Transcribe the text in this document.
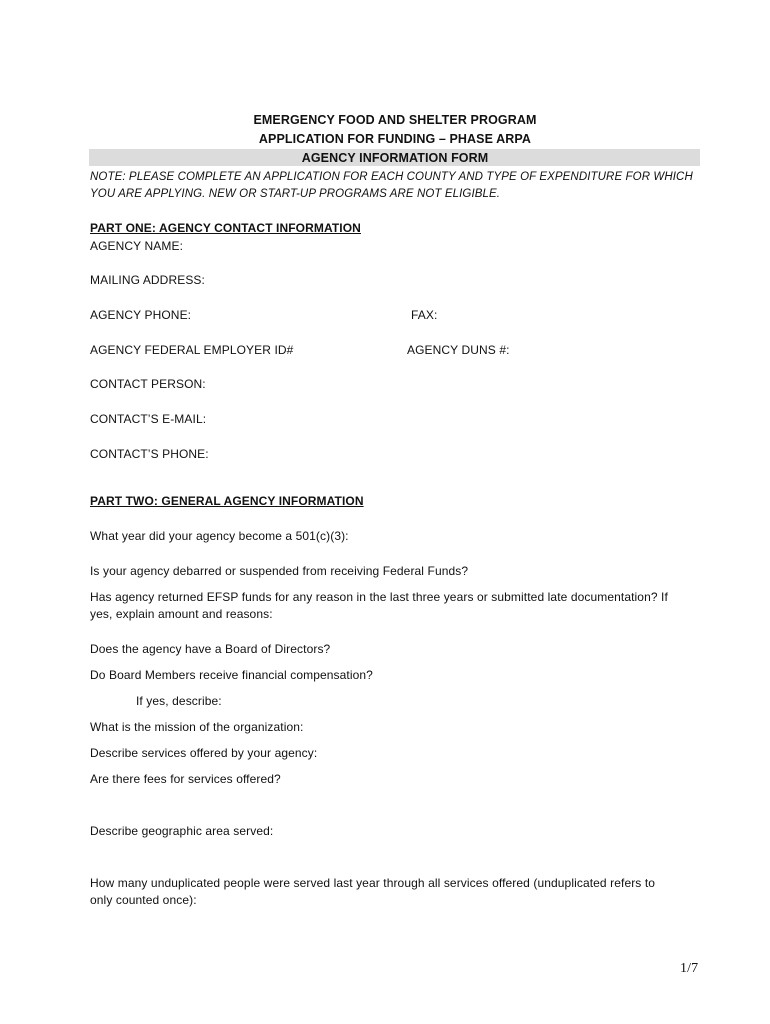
EMERGENCY FOOD AND SHELTER PROGRAM
APPLICATION FOR FUNDING – PHASE ARPA
AGENCY INFORMATION FORM
NOTE: PLEASE COMPLETE AN APPLICATION FOR EACH COUNTY AND TYPE OF EXPENDITURE FOR WHICH
YOU ARE APPLYING. NEW OR START-UP PROGRAMS ARE NOT ELIGIBLE.
PART ONE: AGENCY CONTACT INFORMATION
AGENCY NAME:
MAILING ADDRESS:
AGENCY PHONE:	FAX:
AGENCY FEDERAL EMPLOYER ID#	AGENCY DUNS #:
CONTACT PERSON:
CONTACT’S E-MAIL:
CONTACT’S PHONE:
PART TWO: GENERAL AGENCY INFORMATION
What year did your agency become a 501(c)(3):
Is your agency debarred or suspended from receiving Federal Funds?
Has agency returned EFSP funds for any reason in the last three years or submitted late documentation? If
yes, explain amount and reasons:
Does the agency have a Board of Directors?
Do Board Members receive financial compensation?
If yes, describe:
What is the mission of the organization:
Describe services offered by your agency:
Are there fees for services offered?
Describe geographic area served:
How many unduplicated people were served last year through all services offered (unduplicated refers to
only counted once):
1/7
